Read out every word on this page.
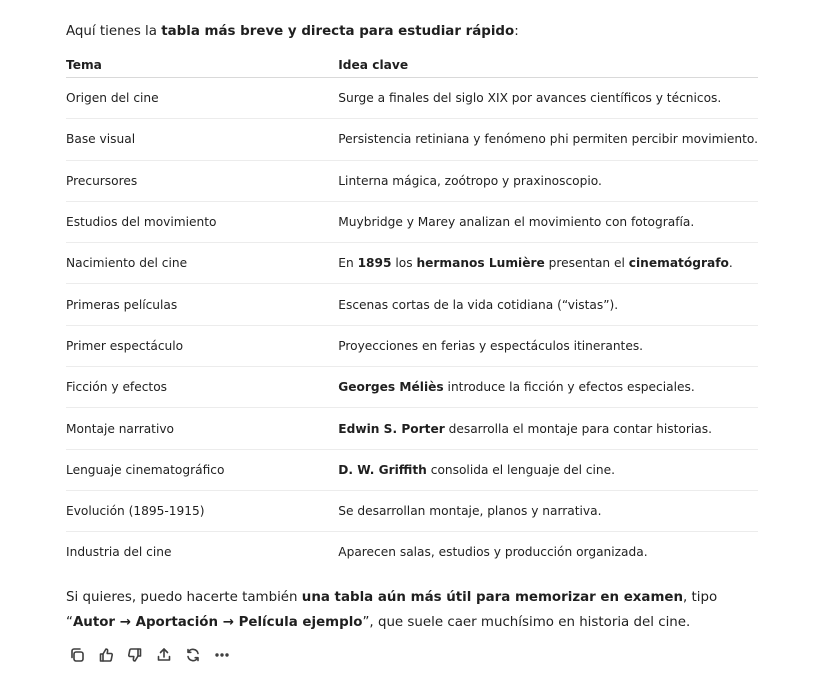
Aquí tienes la tabla más breve y directa para estudiar rápido:
Tema	Idea clave
Origen del cine	Surge a finales del siglo XIX por avances científicos y técnicos.
Base visual	Persistencia retiniana y fenómeno phi permiten percibir movimiento.
Precursores	Linterna mágica, zoótropo y praxinoscopio.
Estudios del movimiento	Muybridge y Marey analizan el movimiento con fotografía.
Nacimiento del cine	En 1895 los hermanos Lumière presentan el cinematógrafo.
Primeras películas	Escenas cortas de la vida cotidiana (“vistas”).
Primer espectáculo	Proyecciones en ferias y espectáculos itinerantes.
Ficción y efectos	Georges Méliès introduce la ficción y efectos especiales.
Montaje narrativo	Edwin S. Porter desarrolla el montaje para contar historias.
Lenguaje cinematográfico	D. W. Griffith consolida el lenguaje del cine.
Evolución (1895-1915)	Se desarrollan montaje, planos y narrativa.
Industria del cine	Aparecen salas, estudios y producción organizada.
Si quieres, puedo hacerte también una tabla aún más útil para memorizar en examen, tipo “Autor → Aportación → Película ejemplo”, que suele caer muchísimo en historia del cine.
